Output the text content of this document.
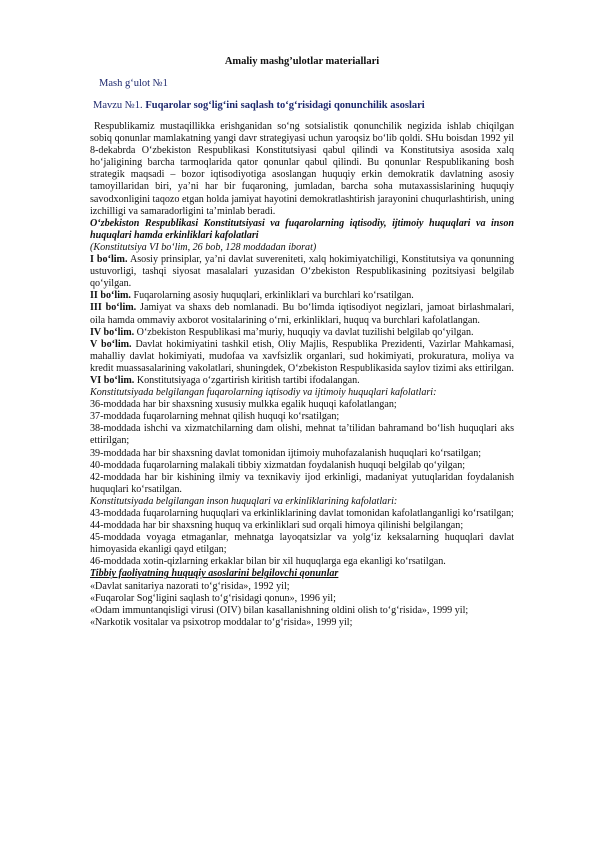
Amaliy mashg’ulotlar materiallari
Mash g‘ulot №1
Mavzu №1. Fuqarolar sog‘lig‘ini saqlash to‘g‘risidagi qonunchilik asoslari

Respublikamiz mustaqillikka erishganidan so‘ng sotsialistik qonunchilik negizida ishlab chiqilgan sobiq qonunlar mamlakatning yangi davr strategiyasi uchun yaroqsiz bo‘lib qoldi. SHu boisdan 1992 yil 8-dekabrda O‘zbekiston Respublikasi Konstitutsiyasi qabul qilindi va Konstitutsiya asosida xalq ho‘jaligining barcha tarmoqlarida qator qonunlar qabul qilindi. Bu qonunlar Respublikaning bosh strategik maqsadi – bozor iqtisodiyotiga asoslangan huquqiy erkin demokratik davlatning asosiy tamoyillaridan biri, ya’ni har bir fuqaroning, jumladan, barcha soha mutaxassislarining huquqiy savodxonligini taqozo etgan holda jamiyat hayotini demokratlashtirish jarayonini chuqurlashtirish, uning izchilligi va samaradorligini ta’minlab beradi.

O‘zbekiston Respublikasi Konstitutsiyasi va fuqarolarning iqtisodiy, ijtimoiy huquqlari va inson huquqlari hamda erkinliklari kafolatlari

(Konstitutsiya VI bo‘lim, 26 bob, 128 moddadan iborat)

I bo‘lim. Asosiy prinsiplar, ya’ni davlat suvereniteti, xalq hokimiyatchiligi, Konstitutsiya va qonunning ustuvorligi, tashqi siyosat masalalari yuzasidan O‘zbekiston Respublikasining pozitsiyasi belgilab qo‘yilgan.

II bo‘lim. Fuqarolarning asosiy huquqlari, erkinliklari va burchlari ko‘rsatilgan.

III bo‘lim. Jamiyat va shaxs deb nomlanadi. Bu bo‘limda iqtisodiyot negizlari, jamoat birlashmalari, oila hamda ommaviy axborot vositalarining o‘rni, erkinliklari, huquq va burchlari kafolatlangan.

IV bo‘lim. O‘zbekiston Respublikasi ma’muriy, huquqiy va davlat tuzilishi belgilab qo‘yilgan.

V bo‘lim. Davlat hokimiyatini tashkil etish, Oliy Majlis, Respublika Prezidenti, Vazirlar Mahkamasi, mahalliy davlat hokimiyati, mudofaa va xavfsizlik organlari, sud hokimiyati, prokuratura, moliya va kredit muassasalarining vakolatlari, shuningdek, O‘zbekiston Respublikasida saylov tizimi aks ettirilgan.

VI bo‘lim. Konstitutsiyaga o‘zgartirish kiritish tartibi ifodalangan.

Konstitutsiyada belgilangan fuqarolarning iqtisodiy va ijtimoiy huquqlari kafolatlari:

36-moddada har bir shaxsning xususiy mulkka egalik huquqi kafolatlangan;

37-moddada fuqarolarning mehnat qilish huquqi ko‘rsatilgan;

38-moddada ishchi va xizmatchilarning dam olishi, mehnat ta’tilidan bahramand bo‘lish huquqlari aks ettirilgan;

39-moddada har bir shaxsning davlat tomonidan ijtimoiy muhofazalanish huquqlari ko‘rsatilgan;

40-moddada fuqarolarning malakali tibbiy xizmatdan foydalanish huquqi belgilab qo‘yilgan;

42-moddada har bir kishining ilmiy va texnikaviy ijod erkinligi, madaniyat yutuqlaridan foydalanish huquqlari ko‘rsatilgan.

Konstitutsiyada belgilangan inson huquqlari va erkinliklarining kafolatlari:

43-moddada fuqarolarning huquqlari va erkinliklarining davlat tomonidan kafolatlanganligi ko‘rsatilgan;

44-moddada har bir shaxsning huquq va erkinliklari sud orqali himoya qilinishi belgilangan;

45-moddada voyaga etmaganlar, mehnatga layoqatsizlar va yolg‘iz keksalarning huquqlari davlat himoyasida ekanligi qayd etilgan;

46-moddada xotin-qizlarning erkaklar bilan bir xil huquqlarga ega ekanligi ko‘rsatilgan.

Tibbiy faoliyatning huquqiy asoslarini belgilovchi qonunlar

«Davlat sanitariya nazorati to‘g‘risida», 1992 yil;

«Fuqarolar Sog‘ligini saqlash to‘g‘risidagi qonun», 1996 yil;

«Odam immuntanqisligi virusi (OIV) bilan kasallanishning oldini olish to‘g‘risida», 1999 yil;

«Narkotik vositalar va psixotrop moddalar to‘g‘risida», 1999 yil;
